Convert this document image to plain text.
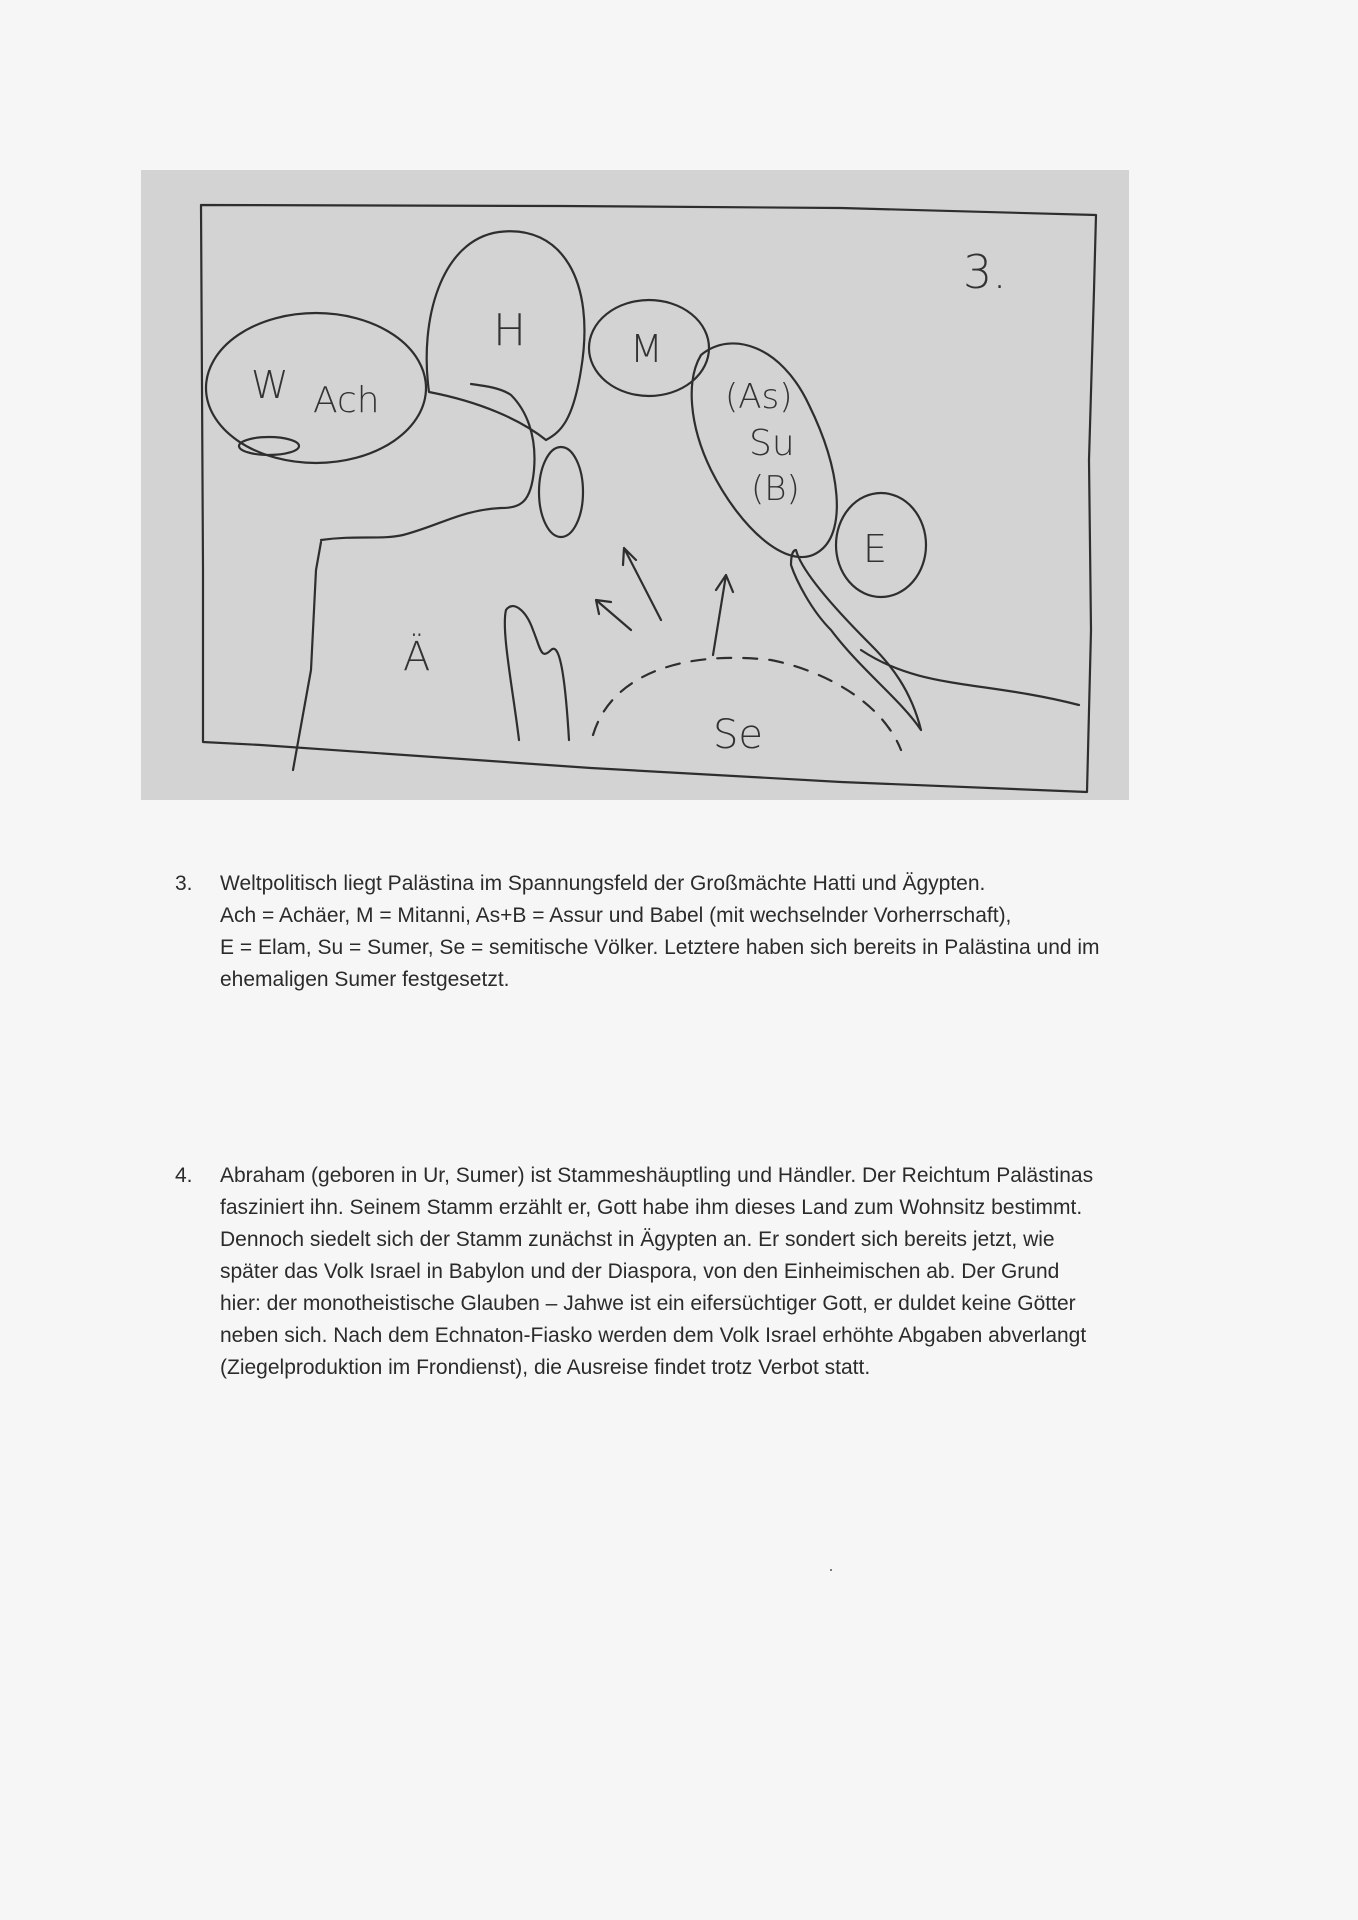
3.
W Ach
H	M
(As)
Su
(B)
E
Ä
Se
3. Weltpolitisch liegt Palästina im Spannungsfeld der Großmächte Hatti und Ägypten.
Ach = Achäer, M = Mitanni, As+B = Assur und Babel (mit wechselnder Vorherrschaft),
E = Elam, Su = Sumer, Se = semitische Völker. Letztere haben sich bereits in Palästina und im
ehemaligen Sumer festgesetzt.
4. Abraham (geboren in Ur, Sumer) ist Stammeshäuptling und Händler. Der Reichtum Palästinas
fasziniert ihn. Seinem Stamm erzählt er, Gott habe ihm dieses Land zum Wohnsitz bestimmt.
Dennoch siedelt sich der Stamm zunächst in Ägypten an. Er sondert sich bereits jetzt, wie
später das Volk Israel in Babylon und der Diaspora, von den Einheimischen ab. Der Grund
hier: der monotheistische Glauben – Jahwe ist ein eifersüchtiger Gott, er duldet keine Götter
neben sich. Nach dem Echnaton-Fiasko werden dem Volk Israel erhöhte Abgaben abverlangt
(Ziegelproduktion im Frondienst), die Ausreise findet trotz Verbot statt.
